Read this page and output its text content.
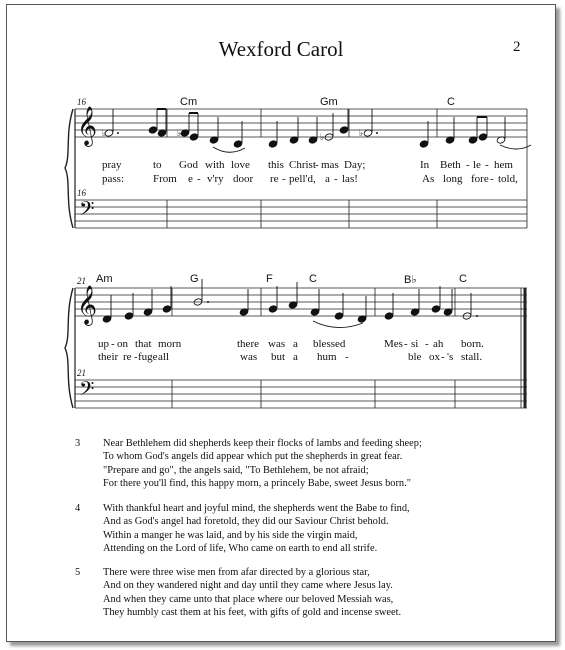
Wexford Carol	2
𝄞
𝄢
𝄞
𝄢
16
16
21
21
♭	♭	♭	♭
Cm	Gm	C
pray	to God with love this Christ - mas Day;	In Beth - le - hem
pass:	From e - v'ry door re - pell'd, a - las!	As long fore - told,
Am	G	F	C	B♭	C
up - on that morn	there was a blessed	Mes - si - ah born.
their re - fuge all	was but a hum -	ble ox - 's stall.
3 Near Bethlehem did shepherds keep their flocks of lambs and feeding sheep;
To whom God's angels did appear which put the shepherds in great fear.
"Prepare and go", the angels said, "To Bethlehem, be not afraid;
For there you'll find, this happy morn, a princely Babe, sweet Jesus born."
4 With thankful heart and joyful mind, the shepherds went the Babe to find,
And as God's angel had foretold, they did our Saviour Christ behold.
Within a manger he was laid, and by his side the virgin maid,
Attending on the Lord of life, Who came on earth to end all strife.
5 There were three wise men from afar directed by a glorious star,
And on they wandered night and day until they came where Jesus lay.
And when they came unto that place where our beloved Messiah was,
They humbly cast them at his feet, with gifts of gold and incense sweet.
